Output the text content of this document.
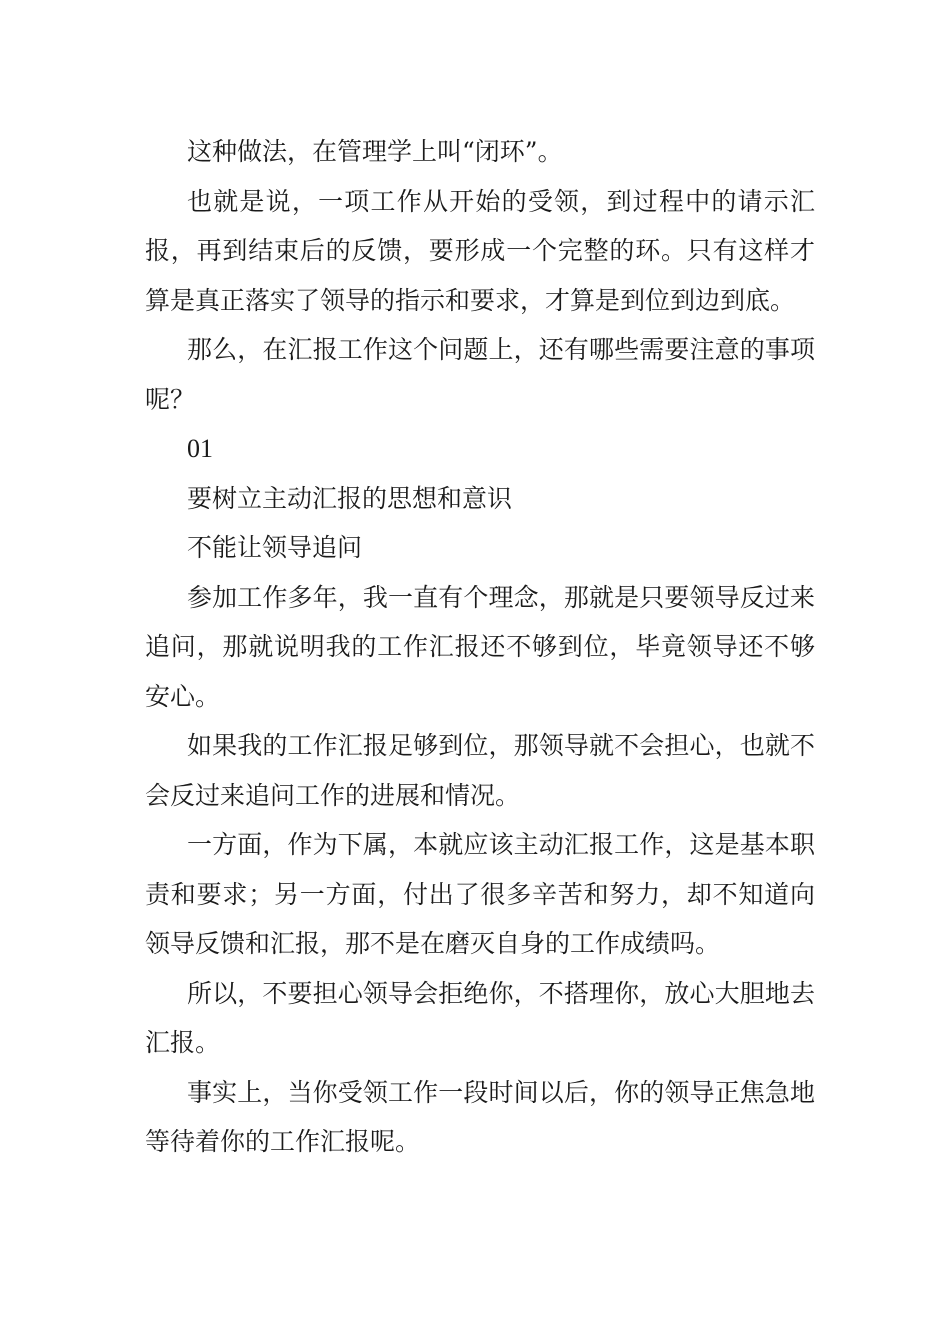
这种做法，在管理学上叫“闭环”。

也就是说，一项工作从开始的受领，到过程中的请示汇报，再到结束后的反馈，要形成一个完整的环。只有这样才算是真正落实了领导的指示和要求，才算是到位到边到底。

那么，在汇报工作这个问题上，还有哪些需要注意的事项呢？

01

要树立主动汇报的思想和意识

不能让领导追问

参加工作多年，我一直有个理念，那就是只要领导反过来追问，那就说明我的工作汇报还不够到位，毕竟领导还不够安心。

如果我的工作汇报足够到位，那领导就不会担心，也就不会反过来追问工作的进展和情况。

一方面，作为下属，本就应该主动汇报工作，这是基本职责和要求；另一方面，付出了很多辛苦和努力，却不知道向领导反馈和汇报，那不是在磨灭自身的工作成绩吗。

所以，不要担心领导会拒绝你，不搭理你，放心大胆地去汇报。

事实上，当你受领工作一段时间以后，你的领导正焦急地等待着你的工作汇报呢。
